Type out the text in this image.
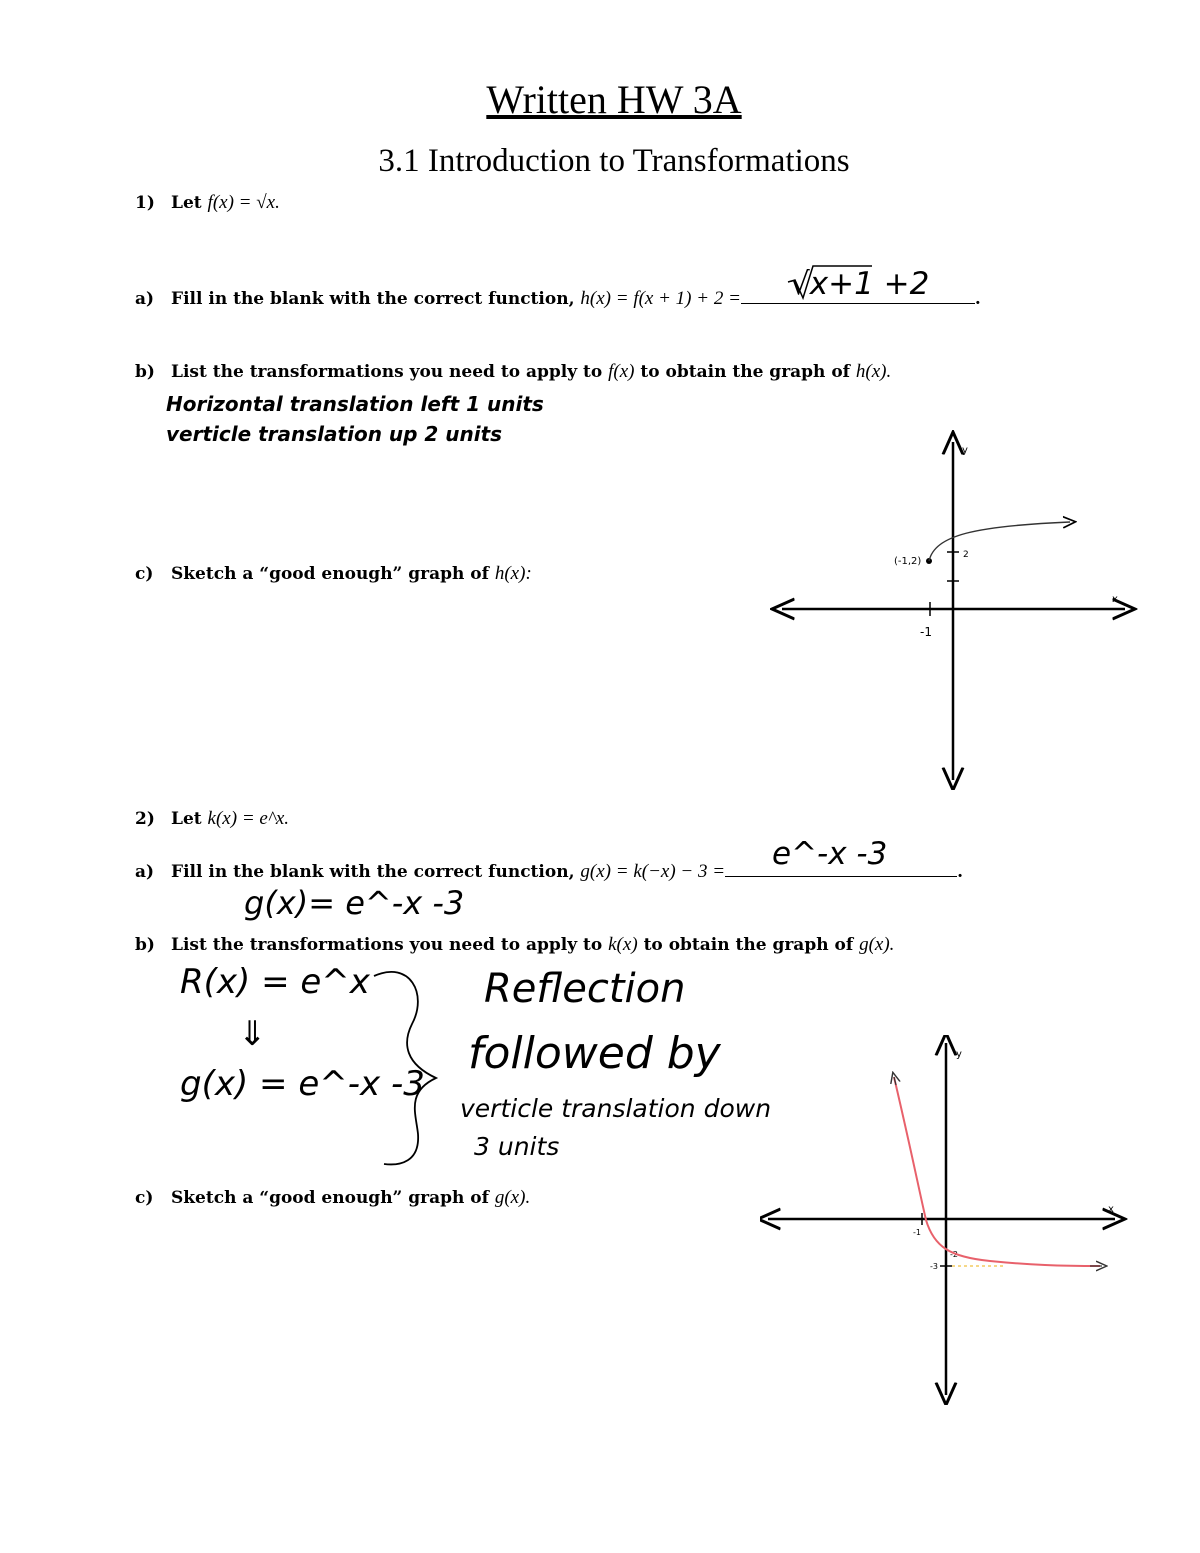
Written HW 3A
3.1 Introduction to Transformations
1) Let f(x) = √x.
a) Fill in the blank with the correct function, h(x) = f(x + 1) + 2 =	.
√x+1 +2
b) List the transformations you need to apply to f(x) to obtain the graph of h(x).
Horizontal translation left 1 units
verticle translation up 2 units
c) Sketch a “good enough” graph of h(x):
x
y
-1
2
(-1,2)
2) Let k(x) = e^x.
a) Fill in the blank with the correct function, g(x) = k(−x) − 3 =	.
e^-x -3
g(x)= e^-x -3
b) List the transformations you need to apply to k(x) to obtain the graph of g(x).
R(x) = e^x
⇓
g(x) = e^-x -3
Reflection
followed by
verticle translation down
3 units
c) Sketch a “good enough” graph of g(x).
x
y
-1
-3
-2
